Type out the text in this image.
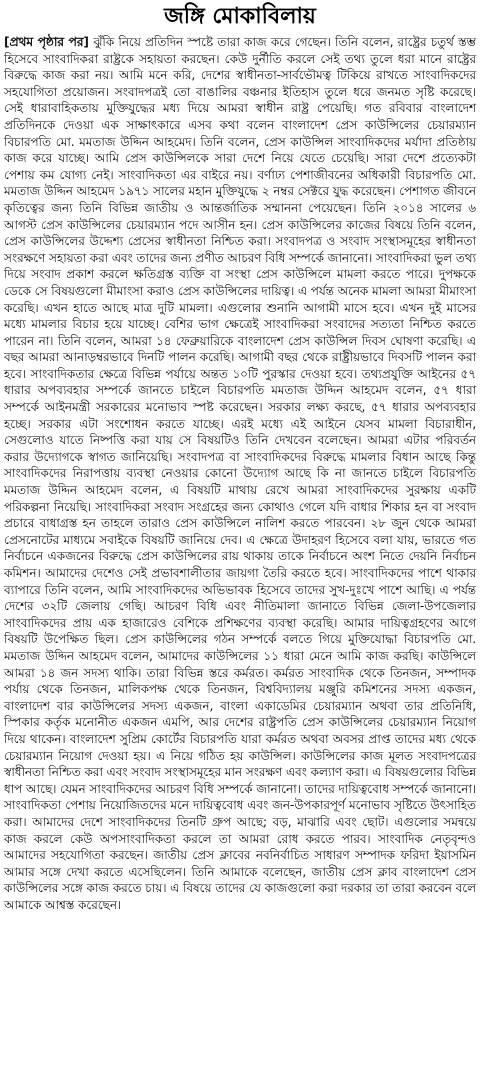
জঙ্গি মোকাবিলায়

[প্রথম পৃষ্ঠার পর] ঝুঁকি নিয়ে প্রতিদিন স্পষ্টে তারা কাজ করে গেছেন। তিনি বলেন, রাষ্ট্রের চতুর্থ স্তম্ভ হিসেবে সাংবাদিকরা রাষ্ট্রকে সহায়তা করছেন। কেউ দুর্নীতি করলে সেই তথ্য তুলে ধরা মানে রাষ্ট্রের বিরুদ্ধে কাজ করা নয়। আমি মনে করি, দেশের স্বাধীনতা-সার্বভৌমত্ব টিকিয়ে রাখতে সাংবাদিকদের সহযোগিতা প্রয়োজন। সংবাদপত্রই তো বাঙালির বঞ্চনার ইতিহাস তুলে ধরে জনমত সৃষ্টি করেছে। সেই ধারাবাহিকতায় মুক্তিযুদ্ধের মধ্য দিয়ে আমরা স্বাধীন রাষ্ট্র পেয়েছি। গত রবিবার বাংলাদেশ প্রতিদিনকে দেওয়া এক সাক্ষাৎকারে এসব কথা বলেন বাংলাদেশ প্রেস কাউন্সিলের চেয়ারম্যান বিচারপতি মো. মমতাজ উদ্দিন আহমেদ। তিনি বলেন, প্রেস কাউন্সিল সাংবাদিকদের মর্যাদা প্রতিষ্ঠায় কাজ করে যাচ্ছে। আমি প্রেস কাউন্সিলকে সারা দেশে নিয়ে যেতে চেয়েছি। সারা দেশে প্রত্যেকটা পেশায় কম যোগ্য নেই। সাংবাদিকতা এর বাইরে নয়। বর্ণাঢ্য পেশাজীবনের অধিকারী বিচারপতি মো. মমতাজ উদ্দিন আহমেদ ১৯৭১ সালের মহান মুক্তিযুদ্ধে ২ নম্বর সেক্টরে যুদ্ধ করেছেন। পেশাগত জীবনে কৃতিত্বের জন্য তিনি বিভিন্ন জাতীয় ও আন্তর্জাতিক সম্মাননা পেয়েছেন। তিনি ২০১৪ সালের ৬ আগস্ট প্রেস কাউন্সিলের চেয়ারম্যান পদে আসীন হন। প্রেস কাউন্সিলের কাজের বিষয়ে তিনি বলেন, প্রেস কাউন্সিলের উদ্দেশ্য প্রেসের স্বাধীনতা নিশ্চিত করা। সংবাদপত্র ও সংবাদ সংস্থাসমূহের স্বাধীনতা সংরক্ষণে সহায়তা করা এবং তাদের জন্য প্রণীত আচরণ বিধি সম্পর্কে জানানো। সাংবাদিকরা ভুল তথ্য দিয়ে সংবাদ প্রকাশ করলে ক্ষতিগ্রস্ত ব্যক্তি বা সংস্থা প্রেস কাউন্সিলে মামলা করতে পারে। দুপক্ষকে ডেকে সে বিষয়গুলো মীমাংসা করাও প্রেস কাউন্সিলের দায়িত্ব। এ পর্যন্ত অনেক মামলা আমরা মীমাংসা করেছি। এখন হাতে আছে মাত্র দুটি মামলা। এগুলোর শুনানি আগামী মাসে হবে। এখন দুই মাসের মধ্যে মামলার বিচার হয়ে যাচ্ছে। বেশির ভাগ ক্ষেত্রেই সাংবাদিকরা সংবাদের সত্যতা নিশ্চিত করতে পারেন না। তিনি বলেন, আমরা ১৪ ফেব্রুয়ারিকে বাংলাদেশ প্রেস কাউন্সিল দিবস ঘোষণা করেছি। এ বছর আমরা আনাড়ম্বরভাবে দিনটি পালন করেছি। আগামী বছর থেকে রাষ্ট্রীয়ভাবে দিবসটি পালন করা হবে। সাংবাদিকতার ক্ষেত্রে বিভিন্ন পর্যায়ে অন্তত ১০টি পুরস্কার দেওয়া হবে। তথ্যপ্রযুক্তি আইনের ৫৭ ধারার অপব্যবহার সম্পর্কে জানতে চাইলে বিচারপতি মমতাজ উদ্দিন আহমেদ বলেন, ৫৭ ধারা সম্পর্কে আইনমন্ত্রী সরকারের মনোভাব স্পষ্ট করেছেন। সরকার লক্ষ্য করছে, ৫৭ ধারার অপব্যবহার হচ্ছে। সরকার এটা সংশোধন করতে যাচ্ছে। এরই মধ্যে এই আইনে যেসব মামলা বিচারাধীন, সেগুলোও যাতে নিষ্পত্তি করা যায় সে বিষয়টিও তিনি দেখবেন বলেছেন। আমরা এটার পরিবর্তন করার উদ্যোগকে স্বাগত জানিয়েছি। সংবাদপত্র বা সাংবাদিকদের বিরুদ্ধে মামলার বিধান আছে কিন্তু সাংবাদিকদের নিরাপত্তায় ব্যবস্থা নেওয়ার কোনো উদ্যোগ আছে কি না জানতে চাইলে বিচারপতি মমতাজ উদ্দিন আহমেদ বলেন, এ বিষয়টি মাথায় রেখে আমরা সাংবাদিকদের সুরক্ষায় একটি পরিকল্পনা নিয়েছি। সাংবাদিকরা সংবাদ সংগ্রহের জন্য কোথাও গেলে যদি বাধার শিকার হন বা সংবাদ প্রচারে বাধাগ্রস্ত হন তাহলে তারাও প্রেস কাউন্সিলে নালিশ করতে পারবেন। ২৮ জুন থেকে আমরা প্রেসনোটের মাধ্যমে সবাইকে বিষয়টি জানিয়ে দেব। এ ক্ষেত্রে উদাহরণ হিসেবে বলা যায়, ভারতে গত নির্বাচনে একজনের বিরুদ্ধে প্রেস কাউন্সিলের রায় থাকায় তাকে নির্বাচনে অংশ নিতে দেয়নি নির্বাচন কমিশন। আমাদের দেশেও সেই প্রভাবশালীতার জায়গা তৈরি করতে হবে। সাংবাদিকদের পাশে থাকার ব্যাপারে তিনি বলেন, আমি সাংবাদিকদের অভিভাবক হিসেবে তাদের সুখ-দুঃখে পাশে আছি। এ পর্যন্ত দেশের ৩২টি জেলায় গেছি। আচরণ বিধি এবং নীতিমালা জানাতে বিভিন্ন জেলা-উপজেলার সাংবাদিকদের প্রায় এক হাজারেও বেশিকে প্রশিক্ষণের ব্যবস্থা করেছি। আমার দায়িত্বগ্রহণের আগে বিষয়টি উপেক্ষিত ছিল। প্রেস কাউন্সিলের গঠন সম্পর্কে বলতে গিয়ে মুক্তিযোদ্ধা বিচারপতি মো. মমতাজ উদ্দিন আহমেদ বলেন, আমাদের কাউন্সিলের ১১ ধারা মেনে আমি কাজ করছি। কাউন্সিলে আমরা ১৪ জন সদস্য থাকি। তারা বিভিন্ন স্তরে কর্মরত। কর্মরত সাংবাদিক থেকে তিনজন, সম্পাদক পর্যায় থেকে তিনজন, মালিকপক্ষ থেকে তিনজন, বিশ্ববিদ্যালয় মঞ্জুরি কমিশনের সদস্য একজন, বাংলাদেশ বার কাউন্সিলের সদস্য একজন, বাংলা একাডেমির চেয়ারম্যান অথবা তার প্রতিনিধি, স্পিকার কর্তৃক মনোনীত একজন এমপি, আর দেশের রাষ্ট্রপতি প্রেস কাউন্সিলের চেয়ারম্যান নিয়োগ দিয়ে থাকেন। বাংলাদেশ সুপ্রিম কোর্টের বিচারপতি যারা কর্মরত অথবা অবসর প্রাপ্ত তাদের মধ্য থেকে চেয়ারম্যান নিয়োগ দেওয়া হয়। এ নিয়ে গঠিত হয় কাউন্সিল। কাউন্সিলের কাজ মূলত সংবাদপত্রের স্বাধীনতা নিশ্চিত করা এবং সংবাদ সংস্থাসমূহের মান সংরক্ষণ এবং কল্যাণ করা। এ বিষয়গুলোর বিভিন্ন ধাপ আছে। যেমন সাংবাদিকদের আচরণ বিধি সম্পর্কে জানানো। তাদের দায়িত্ববোধ সম্পর্কে জানানো। সাংবাদিকতা পেশায় নিয়োজিতদের মনে দায়িত্ববোধ এবং জন-উপকারপূর্ণ মনোভাব সৃষ্টিতে উৎসাহিত করা। আমাদের দেশে সাংবাদিকদের তিনটি গ্রুপ আছে; বড়, মাঝারি এবং ছোট। এগুলোর সমন্বয়ে কাজ করলে কেউ অপসাংবাদিকতা করলে তা আমরা রোধ করতে পারব। সাংবাদিক নেতৃবৃন্দও আমাদের সহযোগিতা করছেন। জাতীয় প্রেস ক্লাবের নবনির্বাচিত সাধারণ সম্পাদক ফরিদা ইয়াসমিন আমার সঙ্গে দেখা করতে এসেছিলেন। তিনি আমাকে বলেছেন, জাতীয় প্রেস ক্লাব বাংলাদেশ প্রেস কাউন্সিলের সঙ্গে কাজ করতে চায়। এ বিষয়ে তাদের যে কাজগুলো করা দরকার তা তারা করবেন বলে আমাকে আশ্বস্ত করেছেন।
